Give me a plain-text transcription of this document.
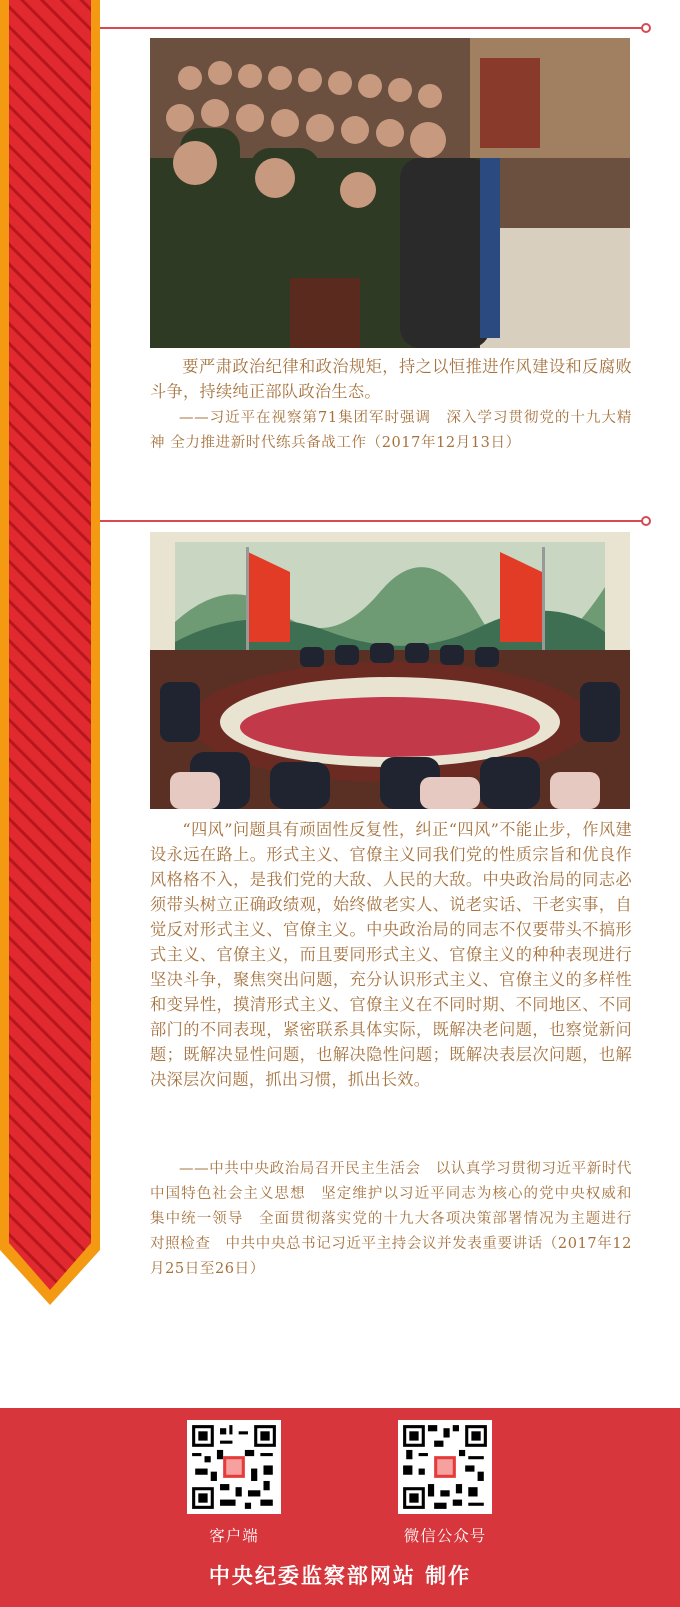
要严肃政治纪律和政治规矩，持之以恒推进作风建设和反腐败斗争，持续纯正部队政治生态。

——习近平在视察第71集团军时强调　深入学习贯彻党的十九大精神 全力推进新时代练兵备战工作（2017年12月13日）

“四风”问题具有顽固性反复性，纠正“四风”不能止步，作风建设永远在路上。形式主义、官僚主义同我们党的性质宗旨和优良作风格格不入，是我们党的大敌、人民的大敌。中央政治局的同志必须带头树立正确政绩观，始终做老实人、说老实话、干老实事，自觉反对形式主义、官僚主义。中央政治局的同志不仅要带头不搞形式主义、官僚主义，而且要同形式主义、官僚主义的种种表现进行坚决斗争，聚焦突出问题，充分认识形式主义、官僚主义的多样性和变异性，摸清形式主义、官僚主义在不同时期、不同地区、不同部门的不同表现，紧密联系具体实际，既解决老问题，也察觉新问题；既解决显性问题，也解决隐性问题；既解决表层次问题，也解决深层次问题，抓出习惯，抓出长效。

——中共中央政治局召开民主生活会　以认真学习贯彻习近平新时代中国特色社会主义思想　坚定维护以习近平同志为核心的党中央权威和集中统一领导　全面贯彻落实党的十九大各项决策部署情况为主题进行对照检查　中共中央总书记习近平主持会议并发表重要讲话（2017年12月25日至26日）

客户端	微信公众号
中央纪委监察部网站 制作
